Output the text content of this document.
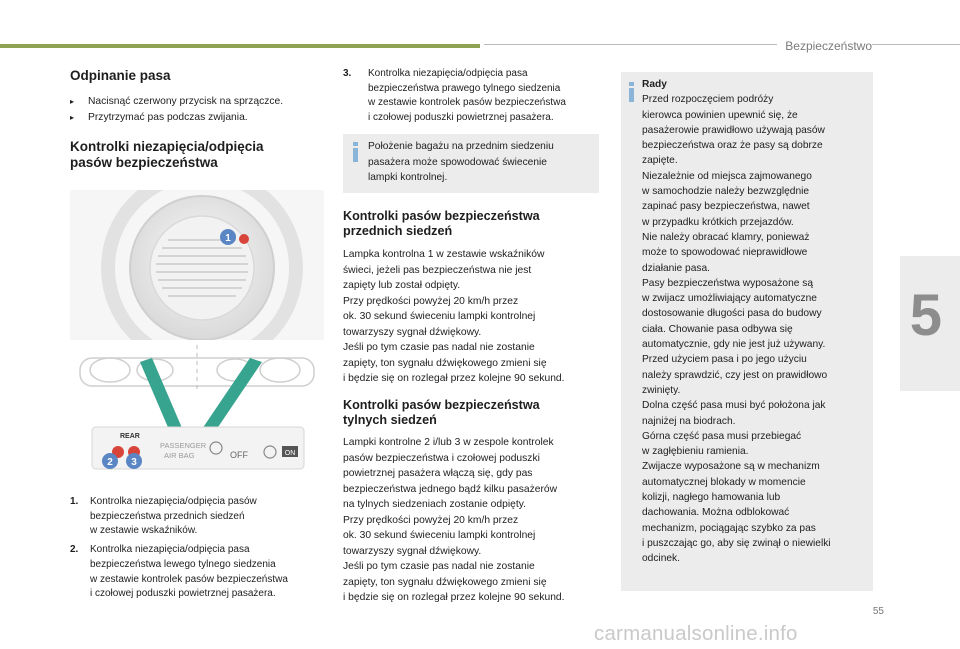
Bezpieczeństwo
5
Odpinanie pasa
▸	Nacisnąć czerwony przycisk na sprzączce.
▸	Przytrzymać pas podczas zwijania.
Kontrolki niezapięcia/odpięcia
pasów bezpieczeństwa
1
REAR
PASSENGER
AIR BAG	OFF	ON
2 3
1.	Kontrolka niezapięcia/odpięcia pasów
bezpieczeństwa przednich siedzeń
w zestawie wskaźników.
2.	Kontrolka niezapięcia/odpięcia pasa
bezpieczeństwa lewego tylnego siedzenia
w zestawie kontrolek pasów bezpieczeństwa
i czołowej poduszki powietrznej pasażera.
3.	Kontrolka niezapięcia/odpięcia pasa
bezpieczeństwa prawego tylnego siedzenia
w zestawie kontrolek pasów bezpieczeństwa
i czołowej poduszki powietrznej pasażera.
Położenie bagażu na przednim siedzeniu
pasażera może spowodować świecenie
lampki kontrolnej.
Kontrolki pasów bezpieczeństwa
przednich siedzeń

Lampka kontrolna 1 w zestawie wskaźników

świeci, jeżeli pas bezpieczeństwa nie jest

zapięty lub został odpięty.

Przy prędkości powyżej 20 km/h przez

ok. 30 sekund świeceniu lampki kontrolnej

towarzyszy sygnał dźwiękowy.

Jeśli po tym czasie pas nadal nie zostanie

zapięty, ton sygnału dźwiękowego zmieni się

i będzie się on rozlegał przez kolejne 90 sekund.

Kontrolki pasów bezpieczeństwa
tylnych siedzeń

Lampki kontrolne 2 i/lub 3 w zespole kontrolek

pasów bezpieczeństwa i czołowej poduszki

powietrznej pasażera włączą się, gdy pas

bezpieczeństwa jednego bądź kilku pasażerów

na tylnych siedzeniach zostanie odpięty.

Przy prędkości powyżej 20 km/h przez

ok. 30 sekund świeceniu lampki kontrolnej

towarzyszy sygnał dźwiękowy.

Jeśli po tym czasie pas nadal nie zostanie

zapięty, ton sygnału dźwiękowego zmieni się

i będzie się on rozlegał przez kolejne 90 sekund.

Rady
Przed rozpoczęciem podróży
kierowca powinien upewnić się, że
pasażerowie prawidłowo używają pasów
bezpieczeństwa oraz że pasy są dobrze
zapięte.
Niezależnie od miejsca zajmowanego
w samochodzie należy bezwzględnie
zapinać pasy bezpieczeństwa, nawet
w przypadku krótkich przejazdów.
Nie należy obracać klamry, ponieważ
może to spowodować nieprawidłowe
działanie pasa.
Pasy bezpieczeństwa wyposażone są
w zwijacz umożliwiający automatyczne
dostosowanie długości pasa do budowy
ciała. Chowanie pasa odbywa się
automatycznie, gdy nie jest już używany.
Przed użyciem pasa i po jego użyciu
należy sprawdzić, czy jest on prawidłowo
zwinięty.
Dolna część pasa musi być położona jak
najniżej na biodrach.
Górna część pasa musi przebiegać
w zagłębieniu ramienia.
Zwijacze wyposażone są w mechanizm
automatycznej blokady w momencie
kolizji, nagłego hamowania lub
dachowania. Można odblokować
mechanizm, pociągając szybko za pas
i puszczając go, aby się zwinął o niewielki
odcinek.
55
carmanualsonline.info
